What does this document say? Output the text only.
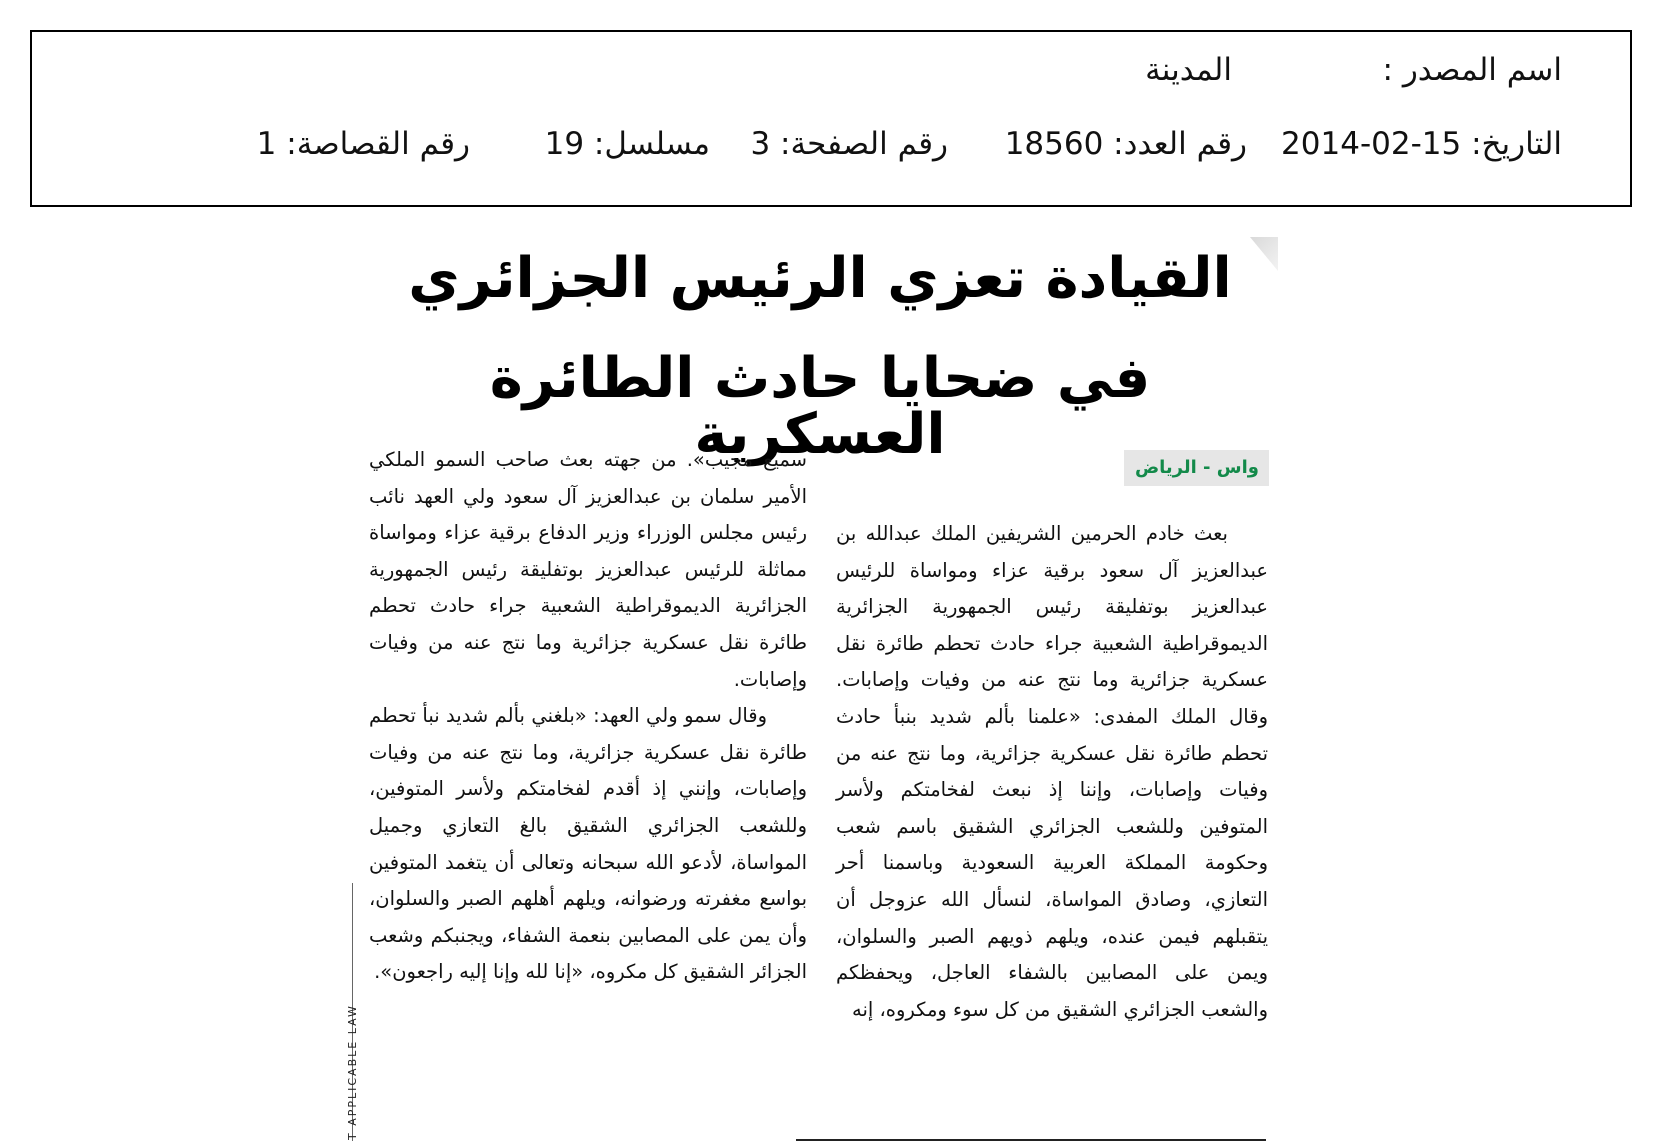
اسم المصدر :
المدينة
التاريخ: 15-02-2014
رقم العدد: 18560
رقم الصفحة: 3
مسلسل: 19
رقم القصاصة: 1
القيادة تعزي الرئيس الجزائري
في ضحايا حادث الطائرة العسكرية
واس - الرياض

بعث خادم الحرمين الشريفين الملك عبدالله بن عبدالعزيز آل سعود برقية عزاء ومواساة للرئيس عبدالعزيز بوتفليقة رئيس الجمهورية الجزائرية الديموقراطية الشعبية جراء حادث تحطم طائرة نقل عسكرية جزائرية وما نتج عنه من وفيات وإصابات. وقال الملك المفدى: «علمنا بألم شديد بنبأ حادث تحطم طائرة نقل عسكرية جزائرية، وما نتج عنه من وفيات وإصابات، وإننا إذ نبعث لفخامتكم ولأسر المتوفين وللشعب الجزائري الشقيق باسم شعب وحكومة المملكة العربية السعودية وباسمنا أحر التعازي، وصادق المواساة، لنسأل الله عزوجل أن يتقبلهم فيمن عنده، ويلهم ذويهم الصبر والسلوان، ويمن على المصابين بالشفاء العاجل، ويحفظكم والشعب الجزائري الشقيق من كل سوء ومكروه، إنه

سميع مجيب». من جهته بعث صاحب السمو الملكي الأمير سلمان بن عبدالعزيز آل سعود ولي العهد نائب رئيس مجلس الوزراء وزير الدفاع برقية عزاء ومواساة مماثلة للرئيس عبدالعزيز بوتفليقة رئيس الجمهورية الجزائرية الديموقراطية الشعبية جراء حادث تحطم طائرة نقل عسكرية جزائرية وما نتج عنه من وفيات وإصابات.

وقال سمو ولي العهد: «بلغني بألم شديد نبأ تحطم طائرة نقل عسكرية جزائرية، وما نتج عنه من وفيات وإصابات، وإنني إذ أقدم لفخامتكم ولأسر المتوفين، وللشعب الجزائري الشقيق بالغ التعازي وجميل المواساة، لأدعو الله سبحانه وتعالى أن يتغمد المتوفين بواسع مغفرته ورضوانه، ويلهم أهلهم الصبر والسلوان، وأن يمن على المصابين بنعمة الشفاء، ويجنبكم وشعب الجزائر الشقيق كل مكروه، «إنا لله وإنا إليه راجعون».

T APPLICABLE LAW
